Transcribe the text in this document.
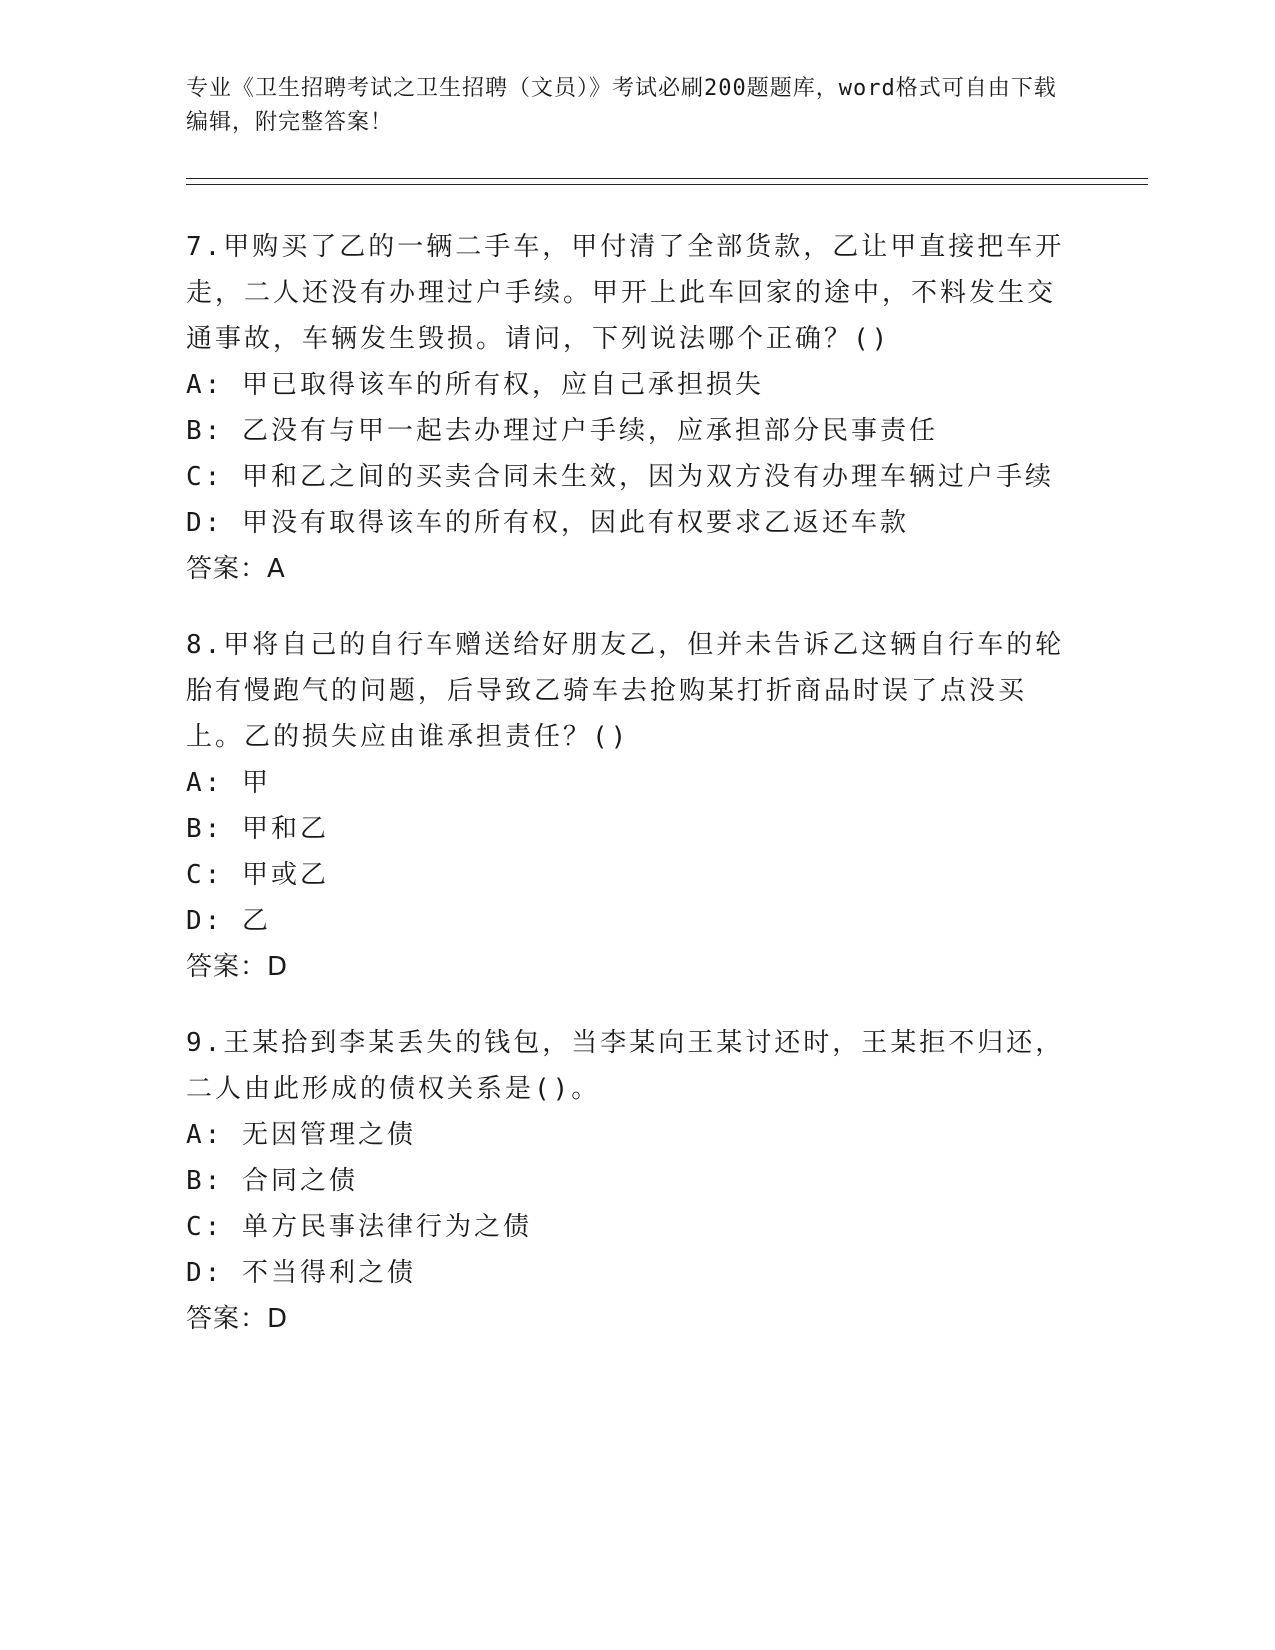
专业《卫生招聘考试之卫生招聘（文员）》考试必刷200题题库，word格式可自由下载编辑，附完整答案！

7.甲购买了乙的一辆二手车，甲付清了全部货款，乙让甲直接把车开走，二人还没有办理过户手续。甲开上此车回家的途中，不料发生交通事故，车辆发生毁损。请问，下列说法哪个正确？()

A: 甲已取得该车的所有权，应自己承担损失

B: 乙没有与甲一起去办理过户手续，应承担部分民事责任

C: 甲和乙之间的买卖合同未生效，因为双方没有办理车辆过户手续

D: 甲没有取得该车的所有权，因此有权要求乙返还车款

答案：A

8.甲将自己的自行车赠送给好朋友乙，但并未告诉乙这辆自行车的轮胎有慢跑气的问题，后导致乙骑车去抢购某打折商品时误了点没买上。乙的损失应由谁承担责任？()

A: 甲

B: 甲和乙

C: 甲或乙

D: 乙

答案：D

9.王某拾到李某丢失的钱包，当李某向王某讨还时，王某拒不归还，二人由此形成的债权关系是()。

A: 无因管理之债

B: 合同之债

C: 单方民事法律行为之债

D: 不当得利之债

答案：D
